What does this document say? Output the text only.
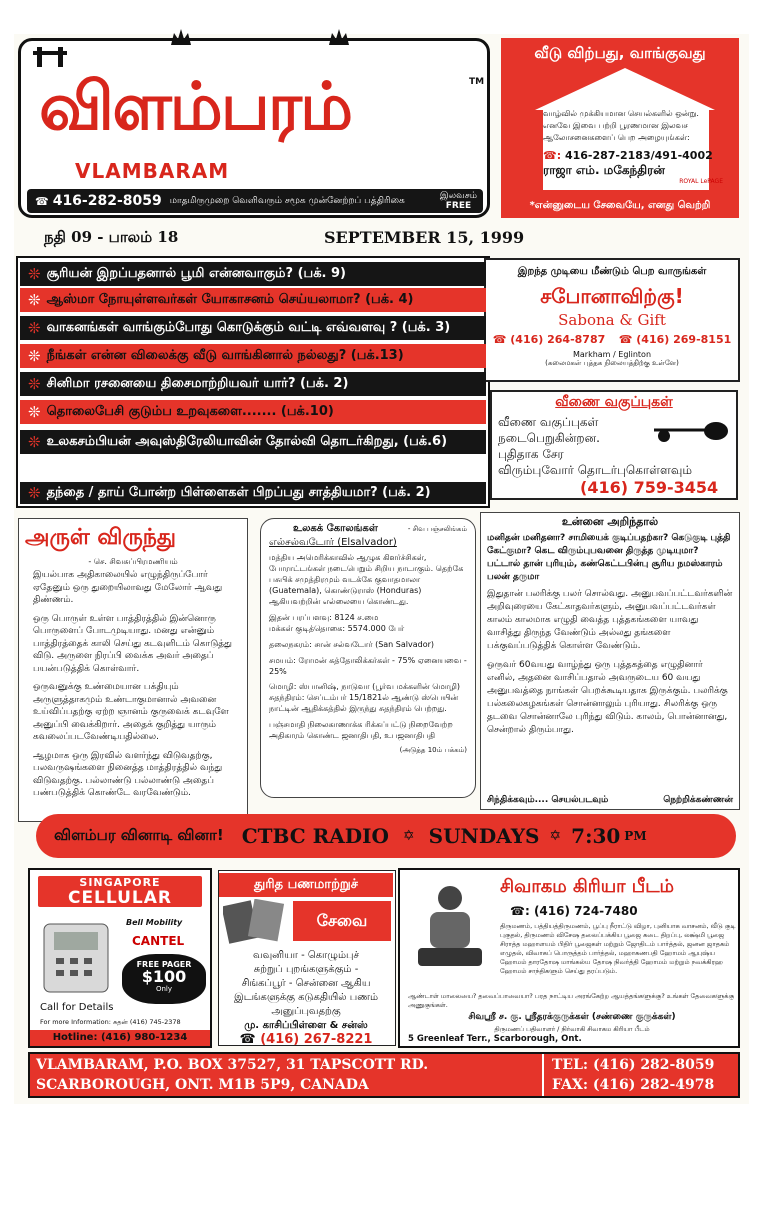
விளம்பரம்	TM
VLAMBARAM
☎ 416-282-8059 மாதமிருமுறை வெளிவரும் சமூக முன்னேற்றப் பத்திரிகை	இலவசம்
FREE
வீடு விற்பது, வாங்குவது
வாழ்வில் முக்கியமான செயல்களில் ஒன்று.
எனவே இவை பற்றி பூரணமான இலவச
ஆலோசனைகளைப் பெற அழையுங்கள்:
☎: 416-287-2183/491-4002
ராஜா எம். மகேந்திரன்
ROYAL LePAGE
*என்னுடைய சேவையே, எனது வெற்றி
நதி 09 - பாலம் 18	SEPTEMBER 15, 1999
இறந்த முடியை மீண்டும் பெற வாருங்கள்
சபோனாவிற்கு!
Sabona & Gift
☎ (416) 264-8787 ☎ (416) 269-8151
Markham / Eglinton
(கலைமகள் புத்தக நிலையத்திற்கு உள்ளே)
வீணை வகுப்புகள்
வீணை வகுப்புகள்
நடைபெறுகின்றன.
புதிதாக சேர
விரும்புவோர் தொடர்புகொள்ளவும்
(416) 759-3454
அருள் விருந்து
- செ. சிவசுப்பிரமணியம்

இயல்பாக அதிகாலையில் எழுந்திருப்போர் ஏதேனும் ஒரு துறையிலாவது மேலோர் ஆவது திண்ணம்.

ஒரு பொருள் உள்ள பாத்திரத்தில் இன்னொரு பொருளைப் போடமுடியாது. மனது என்னும் பாத்திரத்தைக் காலி செய்து கடவுளிடம் கொடுத்து விடு. அருளை நிரப்பி வைக்க அவர் அதைப் பயன்படுத்திக் கொள்வார்.

ஒருவனுக்கு உண்மையான பக்தியும் அருளுத்தாகமும் உண்டாகுமானால் அவனை உய்விப்பதற்கு ஏற்ற ஞானம் குருவைக் கடவுளே அனுப்பி வைக்கிறார். அதைக் குறித்து யாரும் கவலைப்படவேண்டியதில்லை.

ஆழமாக ஒரு இரவில் வளர்ந்து விடுவதற்கு, பலவருஷங்களை நினைத்த மாத்திரத்தில் வந்து விடுவதற்கு. பல்லாண்டு பல்லாண்டு அதைப் பண்படுத்திக் கொண்டே வரவேண்டும்.

உலகக் கோலங்கள்	- சிவ பஞ்சலிங்கம்
எல்சல்வடோர் (Elsalvador)

மத்திய அமெரிக்காவில் ஆழுக கிளர்ச்சிகள், போராட்டங்கள் நடைபெறும் சிறிய நாடாகும். தெற்கே பசுபிக் சமுத்திரமும் வடக்கே குவாதமாலா (Guatemala), கொண்டுராஸ் (Honduras) ஆகியவற்றின் எல்லையை கொண்டது.

இதன் பரப்பளவு: 8124 ச.மை
மக்கள் குடித்தொகை: 5574.000 பேர்
தலைநகரம்: சான் சல்வடோர் (San Salvador)
சமயம்: ரோமன் கத்தோலிக்கர்கள் - 75% ஏனையவை - 25%
மொழி: ஸ்பானிஷ், நாடுவா (பூர்வ மக்களின் மொழி)
சுதந்திரம்: செப்டம்பர் 15/1821ல் ஆண்டு ஸ்பெயின் நாட்டின் ஆதிக்கத்தில் இருந்து சுதந்திரம் பெற்றது.
பஞ்சமாதி நிலைகாணாக்க ரிக்கப்பட்டு நிறைவேற்ற அதிகாரம் கொண்ட ஜனாதிபதி, உபஜனாதிபதி
(அடுத்த 10ம் பக்கம்)
உன்னை அறிந்தால்
மனிதன் மனிதனா? சாமியைக் குடிப்பதற்கா? கெடுகுடி புத்தி கேட்குமா? கெட விரும்புபவனை திருத்த முடியுமா? பட்டால் தான் புரியும், கண்கெட்டபின்பு சூரிய நமஸ்காரம் பலன் தருமா

இதுதான் பலரிக்கு பலர் சொல்வது. அனுபவப்பட்டவர்களின் அறிவுரையை கேட்காதவர்களும், அனுபவப்பட்டவர்கள் காலம் காலமாக எழுதி வைத்த புத்தகங்களை யாவது வாசித்து திருந்த வேண்டும் அல்லது தங்களை பக்குவப்படுத்திக் கொள்ள வேண்டும்.

ஒருவர் 60வயது வாழ்ந்து ஒரு புத்தகத்தை எழுதினார் எனில், அதனை வாசிப்பதால் அவருடைய 60 வயது அனுபவத்தை நாங்கள் பெறக்கூடியதாக இருக்கும். பலரிக்கு பல்கலைகழகங்கள் சொன்னாலும் புரியாது. சிலரிக்கு ஒரு தடவை சொன்னாலே புரிந்து விடும். காலம், பொன்னானது, சென்றால் திரும்பாது.

சிந்திக்கவும்.... செயல்படவும்	நெற்றிக்கண்ணன்
விளம்பர வினாடி வினா! CTBC RADIO ✡ SUNDAYS ✡ 7:30 PM
SINGAPORE
CELLULAR
Bell Mobility
CANTEL
FREE PAGER
$100
Only
Call for Details
For more Information: சுதன் (416) 745-2378
Hotline: (416) 980-1234
துரித பணமாற்றுச்
சேவை
வவுனியா - கொழும்புச்
சுற்றுப் புறங்களுக்கும் -
சிங்கப்பூர் - சென்னை ஆகிய
இடங்களுக்கு கடுகதியில் பணம்
அனுப்புவதற்கு
மு. காசிப்பிள்ளை & சன்ஸ்
☎ (416) 267-8221
சிவாகம கிரியா பீடம்
☎: (416) 724-7480
திருமணம், பத்தியத்திருமணம், பூப்பு நீராட்டு விழா, புனியாக வாசனம், வீடு குடி புகுதல், திருமணம் விசேஷ தலைப்பக்கிய பூஜை கடை திறப்பு, லக்ஷ்மி பூஜை சிராத்த மஹாளயம் பிதிர் பூஜைகள் மற்றும் ஜோதிடம் பார்த்தல், ஜனன ஜாதகம் எழுதல், விவாகப் பொருத்தம் பார்த்தல், மஹாகணபதி ஹோமம் ஆயுஷ்ய ஹோமம் தாரதோஷ மாங்கல்ய தோஷ நிவர்த்தி ஹோமம் மற்றும் நவக்கிரஹ ஹோமம் சாந்திகளும் செய்து தரப்படும்.
ஆண்டாள் மாலையை? தவைப்பாவையா? பரத நாட்டிய அரங்கேற்ற ஆயத்தங்களுக்கு? உங்கள் தேவைகளுக்கு அணுகுங்கள்.
சிவஸ்ரீ ச. கு. ஸ்ரீதரக்குருக்கள் (சண்ணை குருக்கள்)
திருமணப் பதிவாளர் / நிர்வாகி சிவாகம கிரியா பீடம்
5 Greenleaf Terr., Scarborough, Ont.
VLAMBARAM, P.O. BOX 37527, 31 TAPSCOTT RD.
SCARBOROUGH, ONT. M1B 5P9, CANADA
TEL: (416) 282-8059
FAX: (416) 282-4978
❊ சூரியன் இறப்பதனால் பூமி என்னவாகும்? (பக். 9)
❊ ஆஸ்மா நோயுள்ளவர்கள் யோகாசனம் செய்யலாமா? (பக். 4)
❊ வாகனங்கள் வாங்கும்போது கொடுக்கும் வட்டி எவ்வளவு ? (பக். 3)
❊ நீங்கள் என்ன விலைக்கு வீடு வாங்கினால் நல்லது? (பக்.13)
❊ சினிமா ரசனையை திசைமாற்றியவர் யார்? (பக். 2)
❊ தொலைபேசி குடும்ப உறவுகளை....... (பக்.10)
❊ உலகசம்பியன் அவுஸ்திரேலியாவின் தோல்வி தொடர்கிறது, (பக்.6)
❊ தந்தை / தாய் போன்ற பிள்ளைகள் பிறப்பது சாத்தியமா? (பக். 2)
